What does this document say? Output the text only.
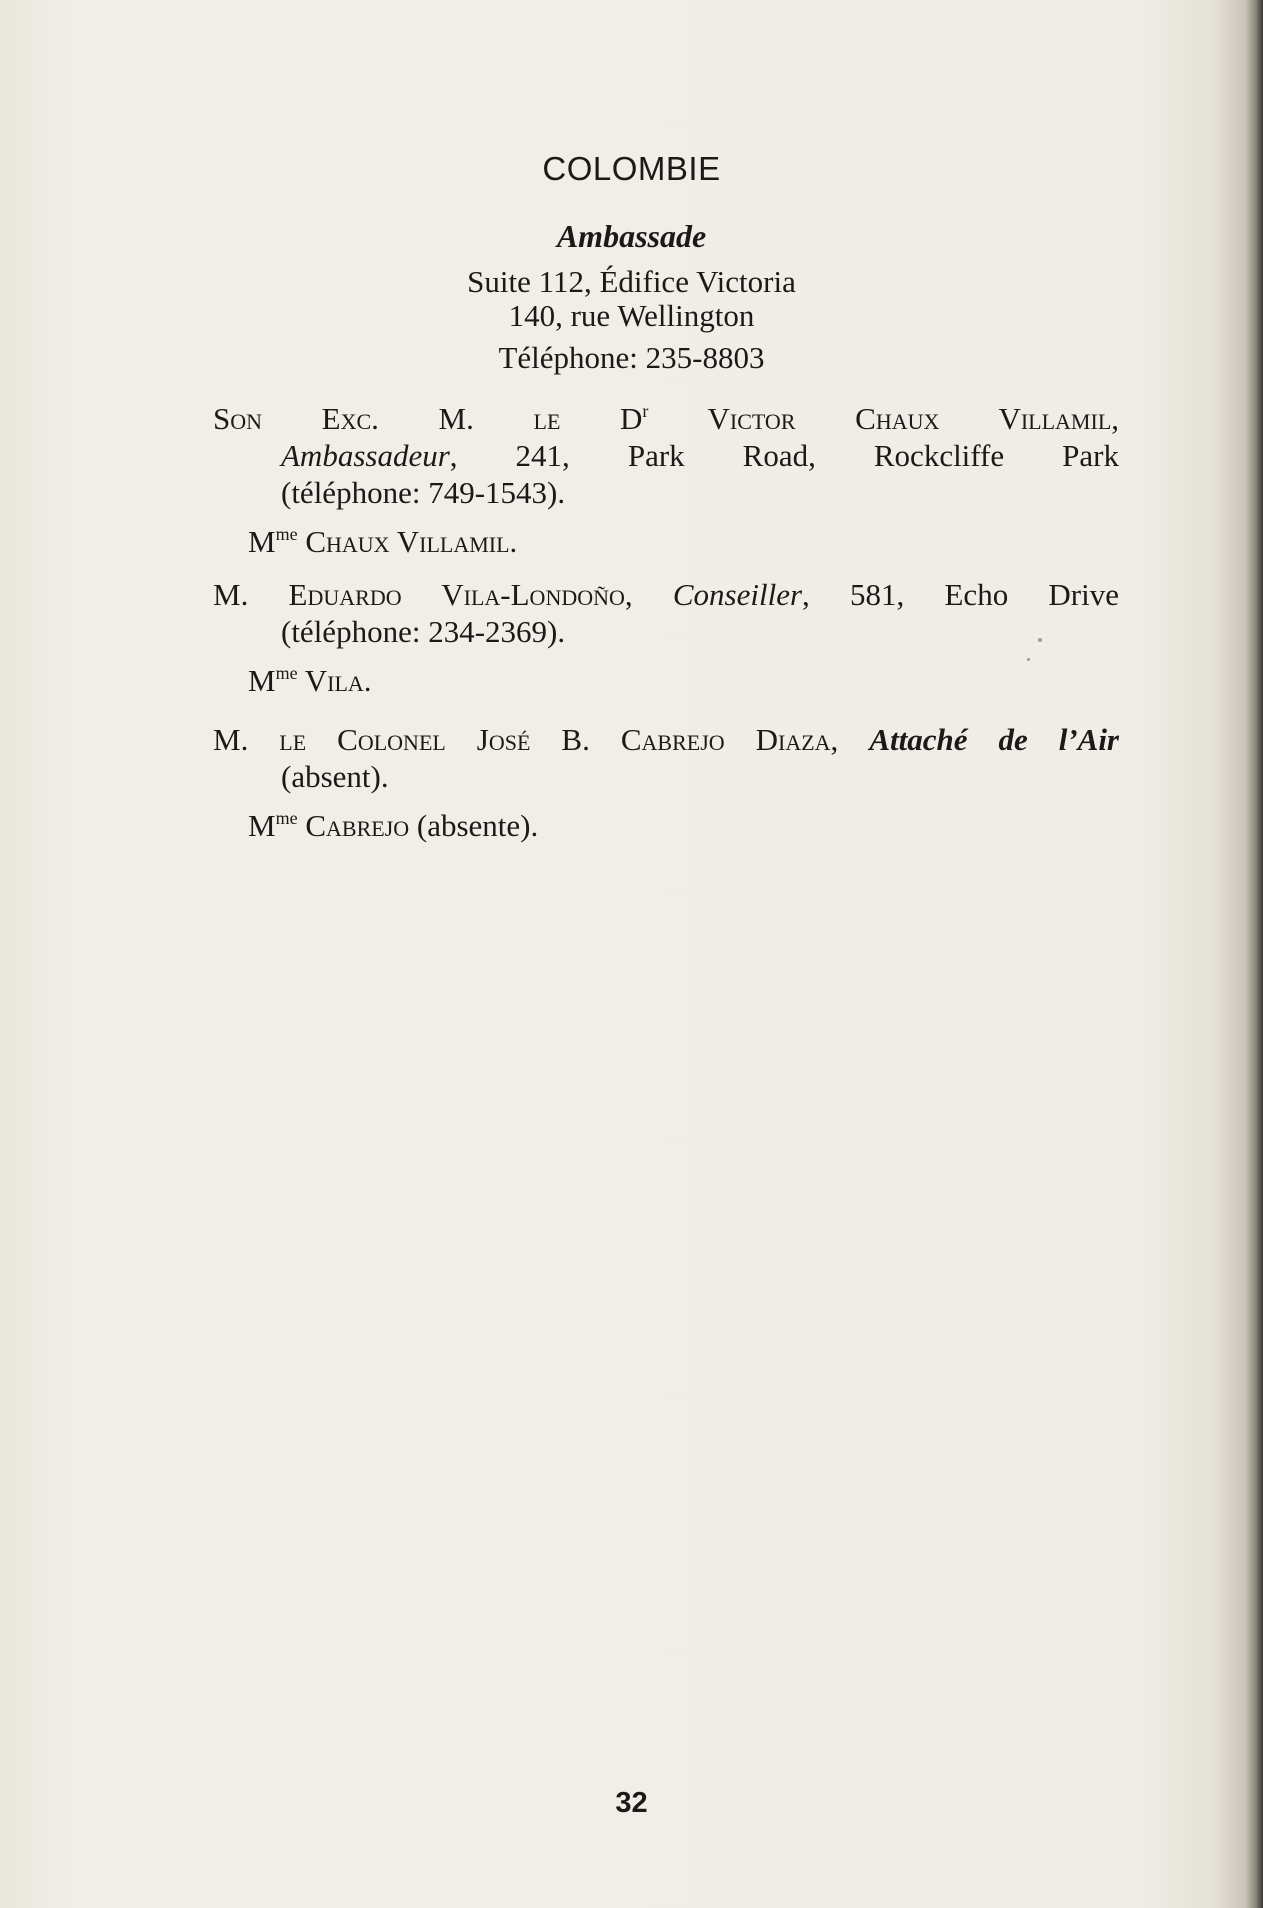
COLOMBIE
Ambassade
Suite 112, Édifice Victoria
140, rue Wellington
Téléphone: 235-8803
Son Exc. M. le $D^r$ Victor Chaux Villamil,
Ambassadeur, 241, Park Road, Rockcliffe Park
(téléphone: 749-1543).
$M^{me}$ Chaux Villamil.
M. Eduardo Vila-Londoño, Conseiller, 581, Echo Drive
(téléphone: 234-2369).
$M^{me}$ Vila.
M. le Colonel José B. Cabrejo Diaza, Attaché de l’Air
(absent).
$M^{me}$ Cabrejo (absente).
32
